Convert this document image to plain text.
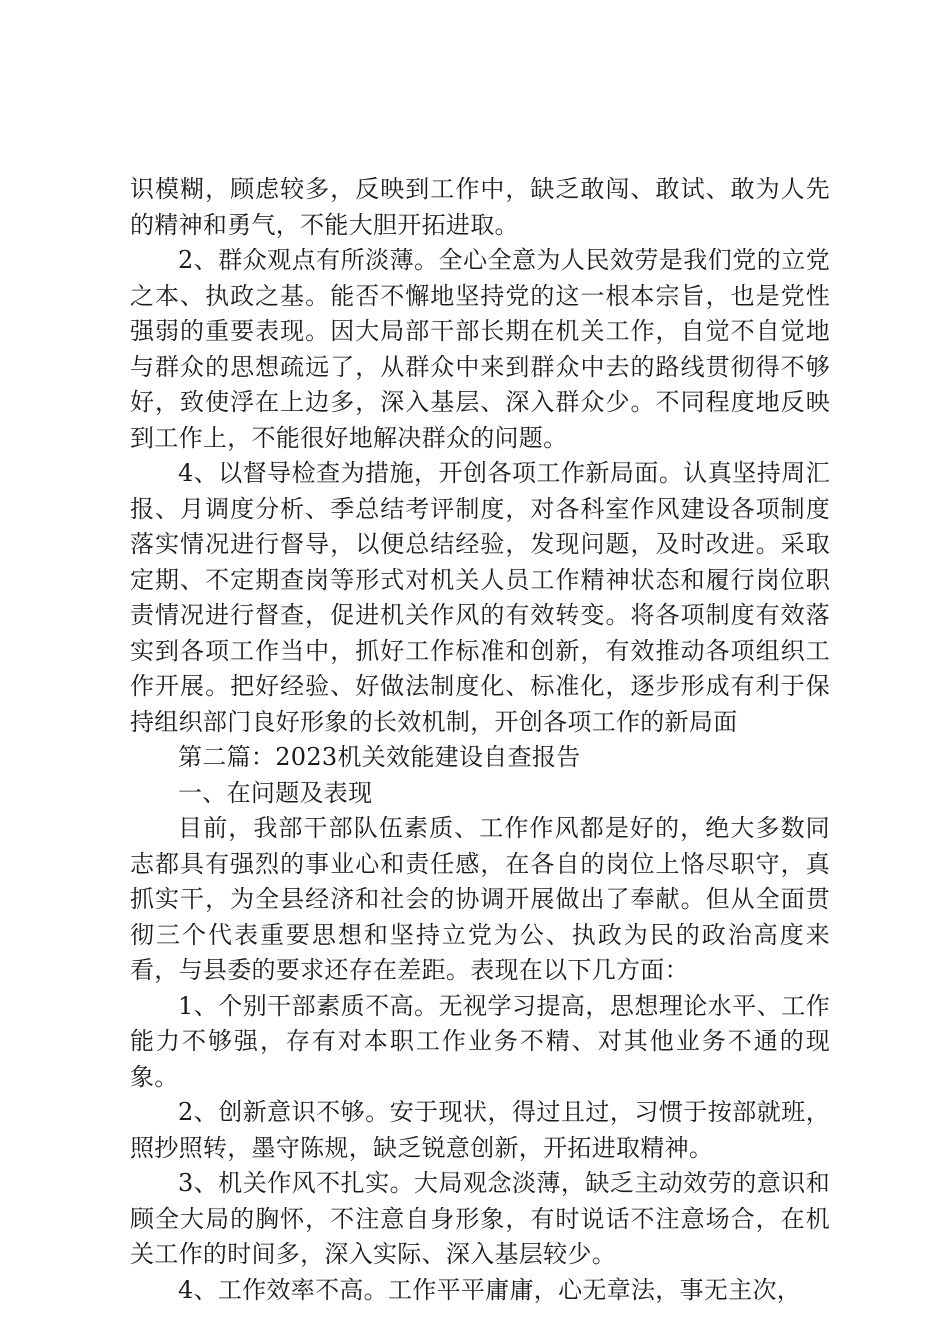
识模糊，顾虑较多，反映到工作中，缺乏敢闯、敢试、敢为人先的精神和勇气，不能大胆开拓进取。

2、群众观点有所淡薄。全心全意为人民效劳是我们党的立党之本、执政之基。能否不懈地坚持党的这一根本宗旨，也是党性强弱的重要表现。因大局部干部长期在机关工作，自觉不自觉地与群众的思想疏远了，从群众中来到群众中去的路线贯彻得不够好，致使浮在上边多，深入基层、深入群众少。不同程度地反映到工作上，不能很好地解决群众的问题。

4、以督导检查为措施，开创各项工作新局面。认真坚持周汇报、月调度分析、季总结考评制度，对各科室作风建设各项制度落实情况进行督导，以便总结经验，发现问题，及时改进。采取定期、不定期查岗等形式对机关人员工作精神状态和履行岗位职责情况进行督查，促进机关作风的有效转变。将各项制度有效落实到各项工作当中，抓好工作标准和创新，有效推动各项组织工作开展。把好经验、好做法制度化、标准化，逐步形成有利于保持组织部门良好形象的长效机制，开创各项工作的新局面

第二篇：2023机关效能建设自查报告

一、在问题及表现

目前，我部干部队伍素质、工作作风都是好的，绝大多数同志都具有强烈的事业心和责任感，在各自的岗位上恪尽职守，真抓实干，为全县经济和社会的协调开展做出了奉献。但从全面贯彻三个代表重要思想和坚持立党为公、执政为民的政治高度来看，与县委的要求还存在差距。表现在以下几方面：

1、个别干部素质不高。无视学习提高，思想理论水平、工作能力不够强，存有对本职工作业务不精、对其他业务不通的现象。

2、创新意识不够。安于现状，得过且过，习惯于按部就班，照抄照转，墨守陈规，缺乏锐意创新，开拓进取精神。

3、机关作风不扎实。大局观念淡薄，缺乏主动效劳的意识和顾全大局的胸怀，不注意自身形象，有时说话不注意场合，在机关工作的时间多，深入实际、深入基层较少。

4、工作效率不高。工作平平庸庸，心无章法，事无主次，
